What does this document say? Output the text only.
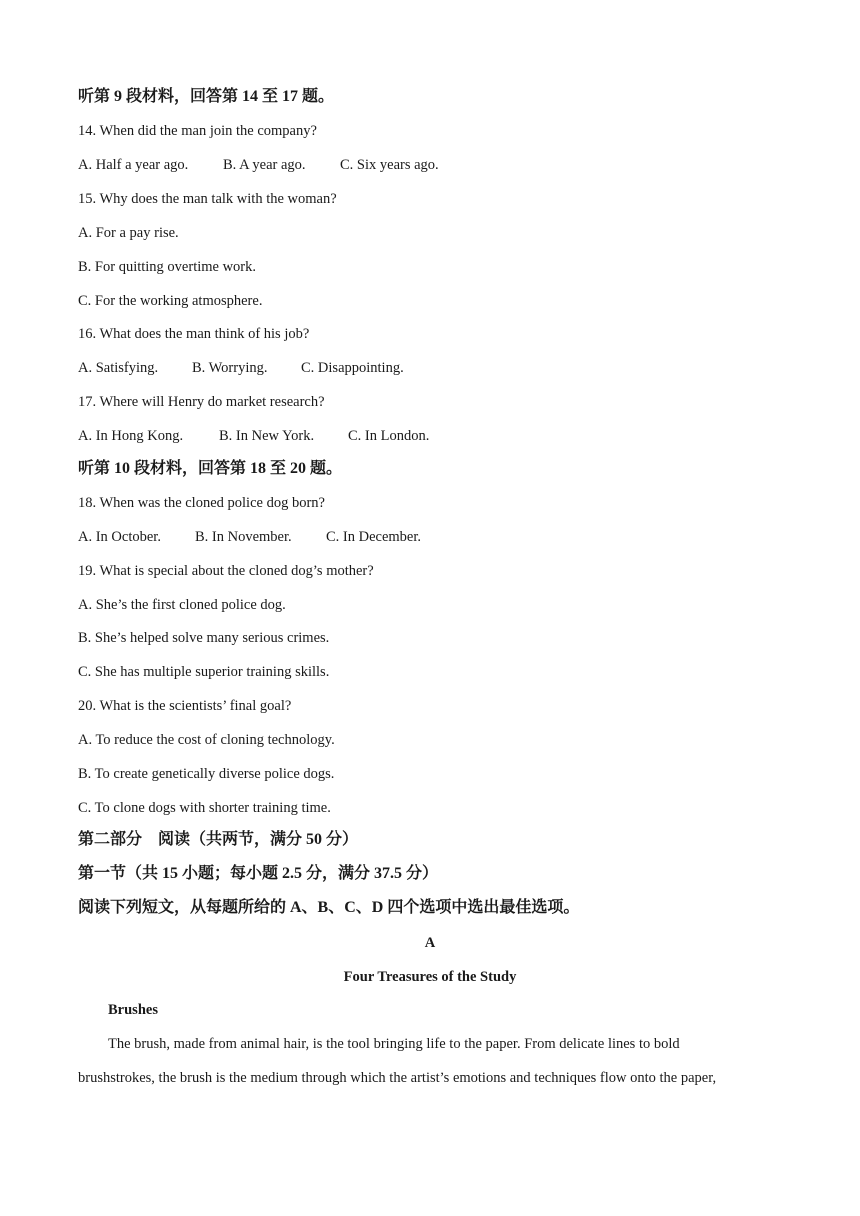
听第 9 段材料，回答第 14 至 17 题。
14. When did the man join the company?
A. Half a year ago. B. A year ago. C. Six years ago.
15. Why does the man talk with the woman?
A. For a pay rise.
B. For quitting overtime work.
C. For the working atmosphere.
16. What does the man think of his job?
A. Satisfying. B. Worrying. C. Disappointing.
17. Where will Henry do market research?
A. In Hong Kong. B. In New York. C. In London.
听第 10 段材料，回答第 18 至 20 题。
18. When was the cloned police dog born?
A. In October. B. In November. C. In December.
19. What is special about the cloned dog’s mother?
A. She’s the first cloned police dog.
B. She’s helped solve many serious crimes.
C. She has multiple superior training skills.
20. What is the scientists’ final goal?
A. To reduce the cost of cloning technology.
B. To create genetically diverse police dogs.
C. To clone dogs with shorter training time.
第二部分　阅读（共两节，满分 50 分）
第一节（共 15 小题；每小题 2.5 分，满分 37.5 分）
阅读下列短文，从每题所给的 A、B、C、D 四个选项中选出最佳选项。
A
Four Treasures of the Study
Brushes
The brush, made from animal hair, is the tool bringing life to the paper. From delicate lines to bold
brushstrokes, the brush is the medium through which the artist’s emotions and techniques flow onto the paper,
